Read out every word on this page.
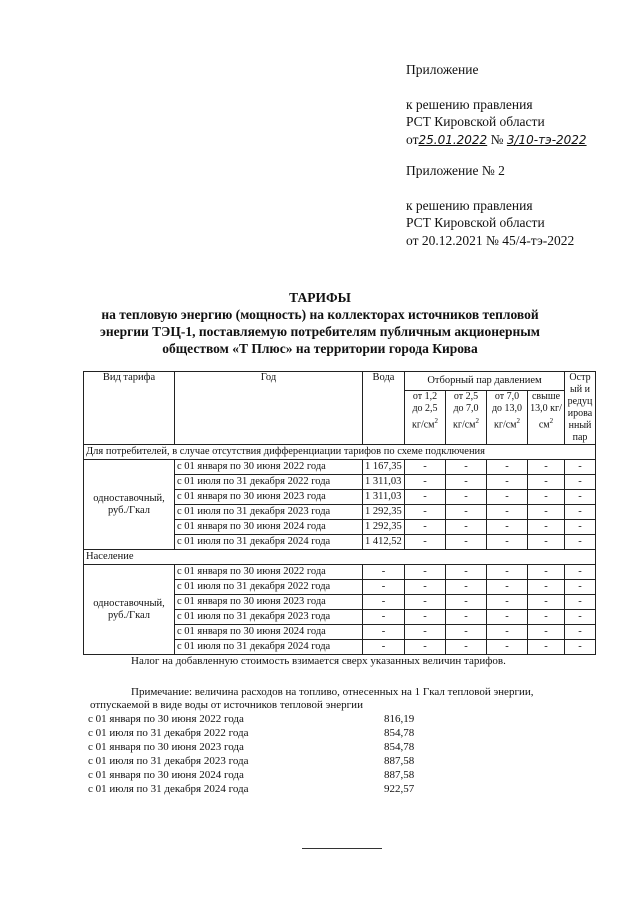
Приложение
к решению правления
РСТ Кировской области
от25.01.2022 № 3/10-тэ-2022
Приложение № 2
к решению правления
РСТ Кировской области
от 20.12.2021 № 45/4-тэ-2022
ТАРИФЫ
на тепловую энергию (мощность) на коллекторах источников тепловой
энергии ТЭЦ-1, поставляемую потребителям публичным акционерным
обществом «Т Плюс» на территории города Кирова
Вид тарифа	Год	Вода	Отборный пар давлением				Острый и редуцированный пар
			от 1,2 до 2,5 $кг/см^2$	от 2,5 до 7,0 $кг/см^2$	от 7,0 до 13,0 $кг/см^2$	свыше 13,0 $кг/см^2$
Для потребителей, в случае отсутствия дифференциации тарифов по схеме подключения							
одноставочный, руб./Гкал	с 01 января по 30 июня 2022 года	1 167,35	-	-	-	-	-
	с 01 июля по 31 декабря 2022 года	1 311,03	-	-	-	-	-
	с 01 января по 30 июня 2023 года	1 311,03	-	-	-	-	-
	с 01 июля по 31 декабря 2023 года	1 292,35	-	-	-	-	-
	с 01 января по 30 июня 2024 года	1 292,35	-	-	-	-	-
	с 01 июля по 31 декабря 2024 года	1 412,52	-	-	-	-	-
Население							
одноставочный, руб./Гкал	с 01 января по 30 июня 2022 года	-	-	-	-	-	-
	с 01 июля по 31 декабря 2022 года	-	-	-	-	-	-
	с 01 января по 30 июня 2023 года	-	-	-	-	-	-
	с 01 июля по 31 декабря 2023 года	-	-	-	-	-	-
	с 01 января по 30 июня 2024 года	-	-	-	-	-	-
	с 01 июля по 31 декабря 2024 года	-	-	-	-	-	-
Налог на добавленную стоимость взимается сверх указанных величин тарифов.
Примечание: величина расходов на топливо, отнесенных на 1 Гкал тепловой энергии,
отпускаемой в виде воды от источников тепловой энергии
с 01 января по 30 июня 2022 года	816,19
с 01 июля по 31 декабря 2022 года	854,78
с 01 января по 30 июня 2023 года	854,78
с 01 июля по 31 декабря 2023 года	887,58
с 01 января по 30 июня 2024 года	887,58
с 01 июля по 31 декабря 2024 года	922,57
